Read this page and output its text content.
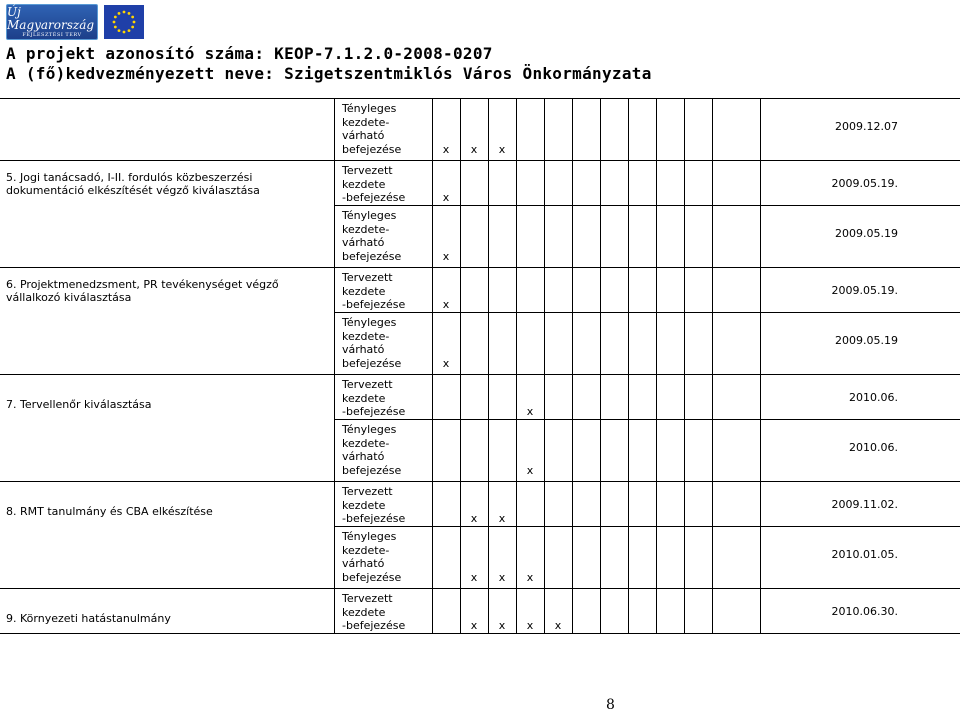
Új Magyarország
FEJLESZTÉSI TERV
A projekt azonosító száma: KEOP-7.1.2.0-2008-0207
A (fő)kedvezményezett neve: Szigetszentmiklós Város Önkormányzata
5. Jogi tanácsadó, I-II. fordulós közbeszerzési
dokumentáció elkészítését végző kiválasztása
6. Projektmenedzsment, PR tevékenységet végző
vállalkozó kiválasztása
7. Tervellenőr kiválasztása
8. RMT tanulmány és CBA elkészítése
9. Környezeti hatástanulmány
Tényleges
kezdete-
várható
befejezése
2009.12.07
x x x
Tervezett
kezdete
-befejezése
2009.05.19.
x
Tényleges
kezdete-
várható
befejezése
2009.05.19
x
Tervezett
kezdete
-befejezése
2009.05.19.
x
Tényleges
kezdete-
várható
befejezése
2009.05.19
x
Tervezett
kezdete
-befejezése
2010.06.
x
Tényleges
kezdete-
várható
befejezése
2010.06.
x
Tervezett
kezdete
-befejezése
2009.11.02.
x x
Tényleges
kezdete-
várható
befejezése
2010.01.05.
x x x
Tervezett
kezdete
-befejezése
2010.06.30.
x x x x
8
